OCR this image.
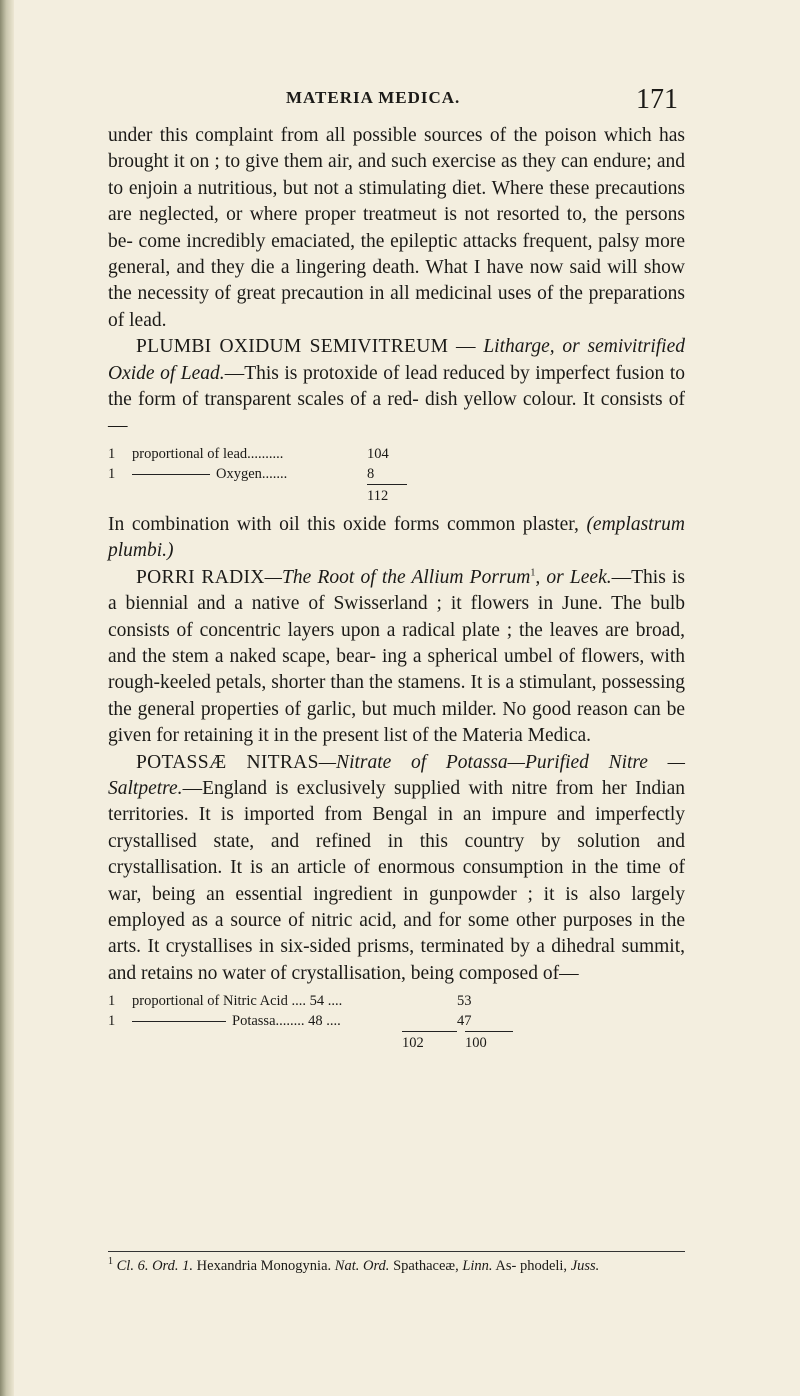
MATERIA MEDICA.	171

under this complaint from all possible sources of the poison which has brought it on ; to give them air, and such exercise as they can endure; and to enjoin a nutritious, but not a stimulating diet. Where these precautions are neglected, or where proper treatmeut is not resorted to, the persons be- come incredibly emaciated, the epileptic attacks frequent, palsy more general, and they die a lingering death. What I have now said will show the necessity of great precaution in all medicinal uses of the preparations of lead.

PLUMBI OXIDUM SEMIVITREUM — Litharge, or semivitrified Oxide of Lead.—This is protoxide of lead reduced by imperfect fusion to the form of transparent scales of a red- dish yellow colour. It consists of—

1	proportional of lead..........	104
1	Oxygen.......	8
112

In combination with oil this oxide forms common plaster, (emplastrum plumbi.)

PORRI RADIX—The Root of the Allium Porrum$^1$, or Leek.—This is a biennial and a native of Swisserland ; it flowers in June. The bulb consists of concentric layers upon a radical plate ; the leaves are broad, and the stem a naked scape, bear- ing a spherical umbel of flowers, with rough-keeled petals, shorter than the stamens. It is a stimulant, possessing the general properties of garlic, but much milder. No good reason can be given for retaining it in the present list of the Materia Medica.

POTASSÆ NITRAS—Nitrate of Potassa—Purified Nitre —Saltpetre.—England is exclusively supplied with nitre from her Indian territories. It is imported from Bengal in an impure and imperfectly crystallised state, and refined in this country by solution and crystallisation. It is an article of enormous consumption in the time of war, being an essential ingredient in gunpowder ; it is also largely employed as a source of nitric acid, and for some other purposes in the arts. It crystallises in six-sided prisms, terminated by a dihedral summit, and retains no water of crystallisation, being composed of—

1	proportional of Nitric Acid .... 54 ....	53
1	Potassa........ 48 ....	47
102	100
$^1$ Cl. 6. Ord. 1. Hexandria Monogynia. Nat. Ord. Spathaceæ, Linn. As- phodeli, Juss.
